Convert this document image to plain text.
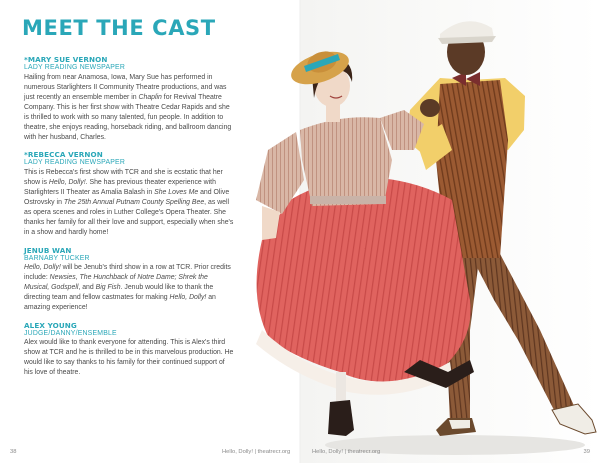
MEET THE CAST
*MARY SUE VERNON
LADY READING NEWSPAPER
Hailing from near Anamosa, Iowa, Mary Sue has performed in numerous Starlighters II Community Theatre productions, and was just recently an ensemble member in Chaplin for Revival Theatre Company. This is her first show with Theatre Cedar Rapids and she is thrilled to work with so many talented, fun people. In addition to theatre, she enjoys reading, horseback riding, and ballroom dancing with her husband, Charles.
*REBECCA VERNON
LADY READING NEWSPAPER
This is Rebecca's first show with TCR and she is ecstatic that her show is Hello, Dolly!. She has previous theater experience with Starlighters II Theater as Amalia Balash in She Loves Me and Olive Ostrovsky in The 25th Annual Putnam County Spelling Bee, as well as opera scenes and roles in Luther College's Opera Theater. She thanks her family for all their love and support, especially when she's in a show and hardly home!
JENUB WAN
BARNABY TUCKER
Hello, Dolly! will be Jenub's third show in a row at TCR. Prior credits include: Newsies, The Hunchback of Notre Dame; Shrek the Musical, Godspell, and Big Fish. Jenub would like to thank the directing team and fellow castmates for making Hello, Dolly! an amazing experience!
ALEX YOUNG
JUDGE/DANNY/ENSEMBLE
Alex would like to thank everyone for attending. This is Alex's third show at TCR and he is thrilled to be in this marvelous production. He would like to say thanks to his family for their continued support of his love of theatre.
38	Hello, Dolly! | theatrecr.org	Hello, Dolly! | theatrecr.org	39
